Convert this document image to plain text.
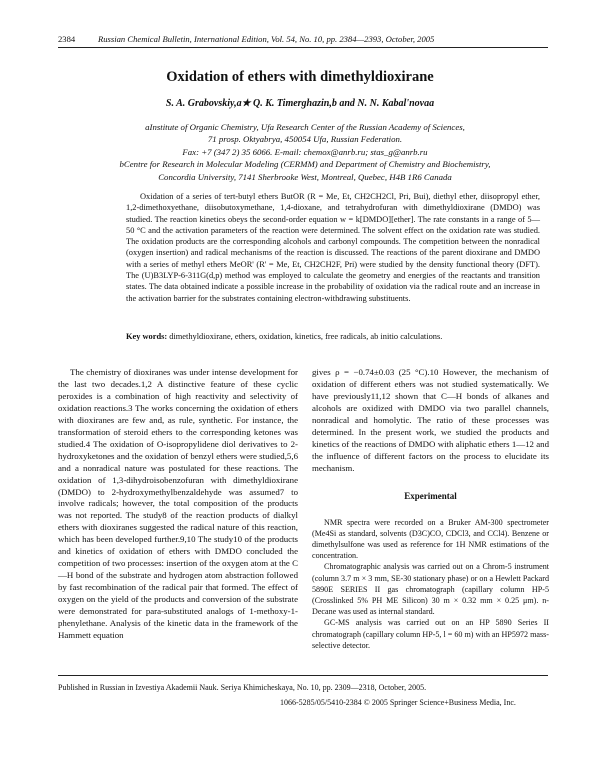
2384	Russian Chemical Bulletin, International Edition, Vol. 54, No. 10, pp. 2384—2393, October, 2005
Oxidation of ethers with dimethyldioxirane
S. A. Grabovskiy,a★ Q. K. Timerghazin,b and N. N. Kabal'novaa

aInstitute of Organic Chemistry, Ufa Research Center of the Russian Academy of Sciences,

71 prosp. Oktyabrya, 450054 Ufa, Russian Federation.

Fax: +7 (347 2) 35 6066. E-mail: chemox@anrb.ru; stas_g@anrb.ru

bCentre for Research in Molecular Modeling (CERMM) and Department of Chemistry and Biochemistry,

Concordia University, 7141 Sherbrooke West, Montreal, Quebec, H4B 1R6 Canada

Oxidation of a series of tert-butyl ethers ButOR (R = Me, Et, CH2CH2Cl, Pri, Bui), diethyl ether, diisopropyl ether, 1,2-dimethoxyethane, diisobutoxymethane, 1,4-dioxane, and tetrahydrofuran with dimethyldioxirane (DMDO) was studied. The reaction kinetics obeys the second-order equation w = k[DMDO][ether]. The rate constants in a range of 5—50 °C and the activation parameters of the reaction were determined. The solvent effect on the oxidation rate was studied. The oxidation products are the corresponding alcohols and carbonyl compounds. The competition between the nonradical (oxygen insertion) and radical mechanisms of the reaction is discussed. The reactions of the parent dioxirane and DMDO with a series of methyl ethers MeOR' (R' = Me, Et, CH2CH2F, Pri) were studied by the density functional theory (DFT). The (U)B3LYP-6-311G(d,p) method was employed to calculate the geometry and energies of the reactants and transition states. The data obtained indicate a possible increase in the probability of oxidation via the radical route and an increase in the activation barrier for the substrates containing electron-withdrawing substituents.

Key words: dimethyldioxirane, ethers, oxidation, kinetics, free radicals, ab initio calculations.

The chemistry of dioxiranes was under intense development for the last two decades.1,2 A distinctive feature of these cyclic peroxides is a combination of high reactivity and selectivity of oxidation reactions.3 The works concerning the oxidation of ethers with dioxiranes are few and, as rule, synthetic. For instance, the transformation of steroid ethers to the corresponding ketones was studied.4 The oxidation of O-isopropylidene diol derivatives to 2-hydroxyketones and the oxidation of benzyl ethers were studied,5,6 and a nonradical nature was postulated for these reactions. The oxidation of 1,3-dihydroisobenzofuran with dimethyldioxirane (DMDO) to 2-hydroxymethylbenzaldehyde was assumed7 to involve radicals; however, the total composition of the products was not reported. The study8 of the reaction products of dialkyl ethers with dioxiranes suggested the radical nature of this reaction, which has been developed further.9,10 The study10 of the products and kinetics of oxidation of ethers with DMDO concluded the competition of two processes: insertion of the oxygen atom at the C—H bond of the substrate and hydrogen atom abstraction followed by fast recombination of the radical pair that formed. The effect of oxygen on the yield of the products and conversion of the substrate were demonstrated for para-substituted analogs of 1-methoxy-1-phenylethane. Analysis of the kinetic data in the framework of the Hammett equation

gives ρ = −0.74±0.03 (25 °C).10 However, the mechanism of oxidation of different ethers was not studied systematically. We have previously11,12 shown that C—H bonds of alkanes and alcohols are oxidized with DMDO via two parallel channels, nonradical and homolytic. The ratio of these processes was determined. In the present work, we studied the products and kinetics of the reactions of DMDO with aliphatic ethers 1—12 and the influence of different factors on the process to elucidate its mechanism.

Experimental

NMR spectra were recorded on a Bruker AM-300 spectrometer (Me4Si as standard, solvents (D3C)CO, CDCl3, and CCl4). Benzene or dimethylsulfone was used as reference for 1H NMR estimations of the concentration.

Chromatographic analysis was carried out on a Chrom-5 instrument (column 3.7 m × 3 mm, SE-30 stationary phase) or on a Hewlett Packard 5890E SERIES II gas chromatograph (capillary column HP-5 (Crosslinked 5% PH ME Silicon) 30 m × 0.32 mm × 0.25 μm). n-Decane was used as internal standard.

GC-MS analysis was carried out on an HP 5890 Series II chromatograph (capillary column HP-5, l = 60 m) with an HP5972 mass-selective detector.

Published in Russian in Izvestiya Akademii Nauk. Seriya Khimicheskaya, No. 10, pp. 2309—2318, October, 2005.
1066-5285/05/5410-2384 © 2005 Springer Science+Business Media, Inc.
